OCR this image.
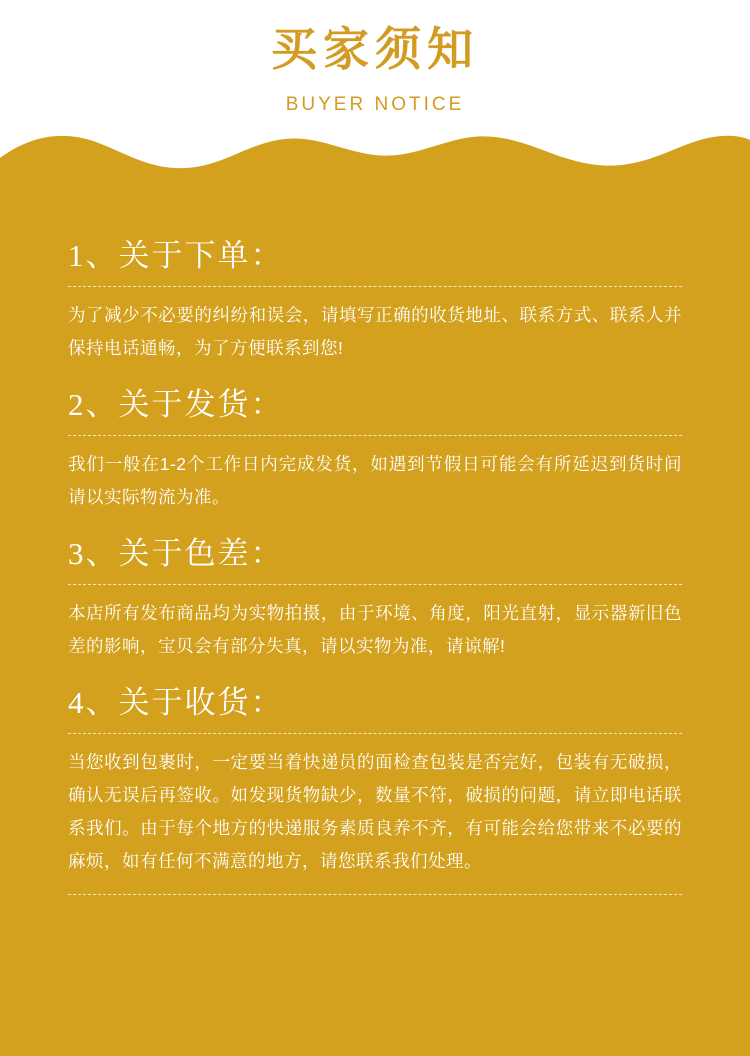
买家须知
BUYER NOTICE
1、关于下单：

为了减少不必要的纠纷和误会，请填写正确的收货地址、联系方式、联系人并保持电话通畅，为了方便联系到您!

2、关于发货：

我们一般在1-2个工作日内完成发货，如遇到节假日可能会有所延迟到货时间请以实际物流为准。

3、关于色差：

本店所有发布商品均为实物拍摄，由于环境、角度，阳光直射，显示器新旧色差的影响，宝贝会有部分失真，请以实物为准，请谅解!

4、关于收货：

当您收到包裹时，一定要当着快递员的面检查包装是否完好，包装有无破损，确认无误后再签收。如发现货物缺少，数量不符，破损的问题，请立即电话联系我们。由于每个地方的快递服务素质良养不齐，有可能会给您带来不必要的麻烦，如有任何不满意的地方，请您联系我们处理。
